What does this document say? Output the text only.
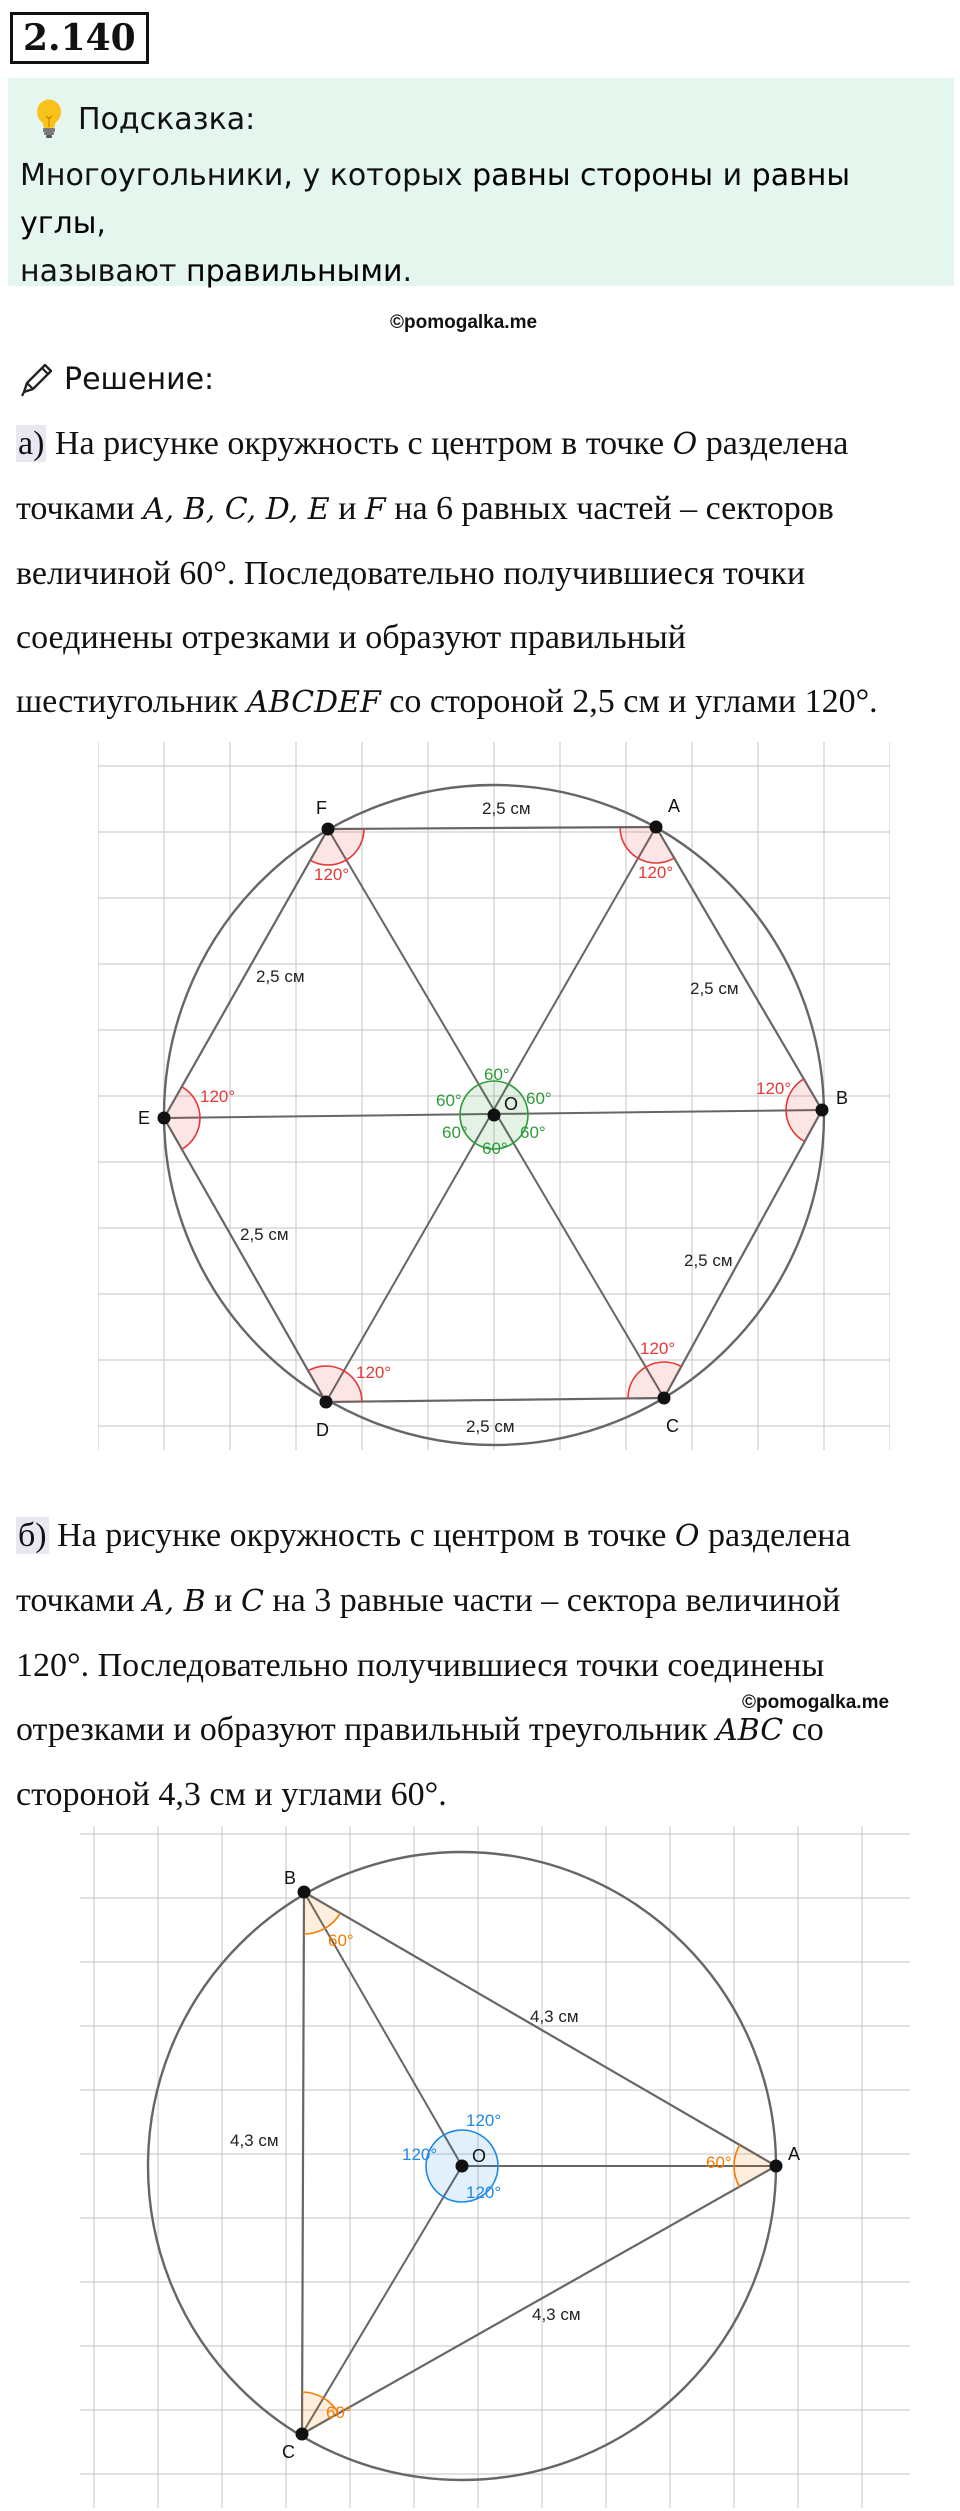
2.140
Подсказка:
Многоугольники, у которых равны стороны и равны углы,
называют правильными.
©pomogalka.me
Решение:
а) На рисунке окружность с центром в точке O разделена
точками A, B, C, D, E и F на 6 равных частей – секторов
величиной 60°. Последовательно получившиеся точки
соединены отрезками и образуют правильный
шестиугольник ABCDEF со стороной 2,5 см и углами 120°.
A
B
C
D
E
F
O
2,5 см
2,5 см
2,5 см
2,5 см
2,5 см
2,5 см
120°
120°
120°
120°
120°
120°
60°
60°
60°
60°
60°
60°
б) На рисунке окружность с центром в точке O разделена
точками A, B и C на 3 равные части – сектора величиной
120°. Последовательно получившиеся точки соединены
отрезками и образуют правильный треугольник ABC со
стороной 4,3 см и углами 60°.
©pomogalka.me
A
B
C
O
4,3 см
4,3 см
4,3 см
60°
60°
60°
120°
120°
120°
